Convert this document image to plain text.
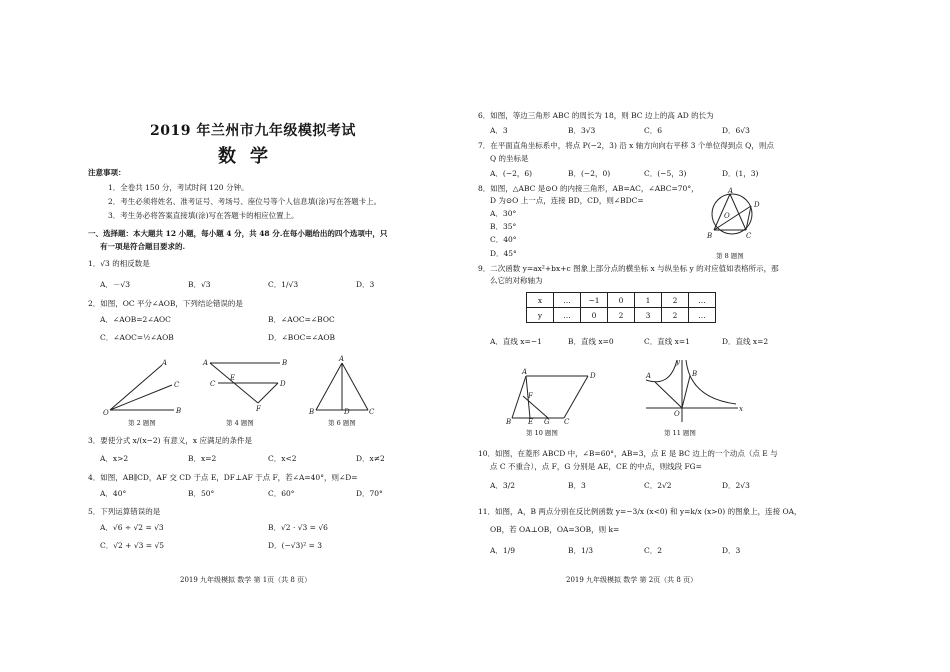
2019 年兰州市九年级模拟考试
数学
注意事项：
1．全卷共 150 分，考试时间 120 分钟。
2．考生必须将姓名、准考证号、考场号、座位号等个人信息填(涂)写在答题卡上。
3．考生务必将答案直接填(涂)写在答题卡的相应位置上。
一、选择题：本大题共 12 小题，每小题 4 分，共 48 分.在每小题给出的四个选项中，只
有一项是符合题目要求的.
1．√3 的相反数是
A．－√3	B．√3	C．1/√3	D．3
2．如图，OC 平分∠AOB，下列结论错误的是
A．∠AOB=2∠AOC	B．∠AOC=∠BOC
C．∠AOC=½∠AOB	D．∠BOC=∠AOB
O
A
C
B
A	B
C	D
E
F
A
B	D	C
第 2 题图	第 4 题图	第 6 题图
3．要使分式 x/(x−2) 有意义，x 应满足的条件是
A．x>2	B．x=2	C．x<2	D．x≠2
4．如图，AB∥CD，AF 交 CD 于点 E，DF⊥AF 于点 F，若∠A=40°，则∠D=
A．40°	B．50°	C．60°	D．70°
5．下列运算错误的是
A．√6 ÷ √2 = √3	B．√2 · √3 = √6
C．√2 + √3 = √5	D．(−√3)² = 3
2019 九年级模拟 数学 第 1页（共 8 页）
6．如图，等边三角形 ABC 的周长为 18，则 BC 边上的高 AD 的长为
A．3	B．3√3	C．6	D．6√3
7．在平面直角坐标系中，将点 P(−2，3) 沿 x 轴方向向右平移 3 个单位得到点 Q，则点
Q 的坐标是
A．(−2，6)	B．(−2，0)	C．(−5，3)	D．(1，3)
8．如图，△ABC 是⊙O 的内接三角形，AB=AC，∠ABC=70°，
D 为⊙O 上一点，连接 BD，CD，则∠BDC=
A．30°
B．35°
C．40°
D．45°
A
B	C
D
O
第 8 题图
9．二次函数 y=ax²+bx+c 图象上部分点的横坐标 x 与纵坐标 y 的对应值如表格所示，那
么它的对称轴为
x	…	−1	0	1	2	…
y	…	0	2	3	2	…
A．直线 x=−1	B．直线 x=0	C．直线 x=1	D．直线 x=2
A	D
B E G C
F
A	B
O
x
y
第 10 题图	第 11 题图
10．如图，在菱形 ABCD 中，∠B=60°，AB=3，点 E 是 BC 边上的一个动点（点 E 与
点 C 不重合），点 F，G 分别是 AE，CE 的中点，则线段 FG=
A．3/2	B．3	C．2√2	D．2√3
11．如图，A，B 两点分别在反比例函数 y=−3/x (x<0) 和 y=k/x (x>0) 的图象上，连接 OA，
OB，若 OA⊥OB，OA=3OB，则 k=
A．1/9	B．1/3	C．2	D．3
2019 九年级模拟 数学 第 2页（共 8 页）
